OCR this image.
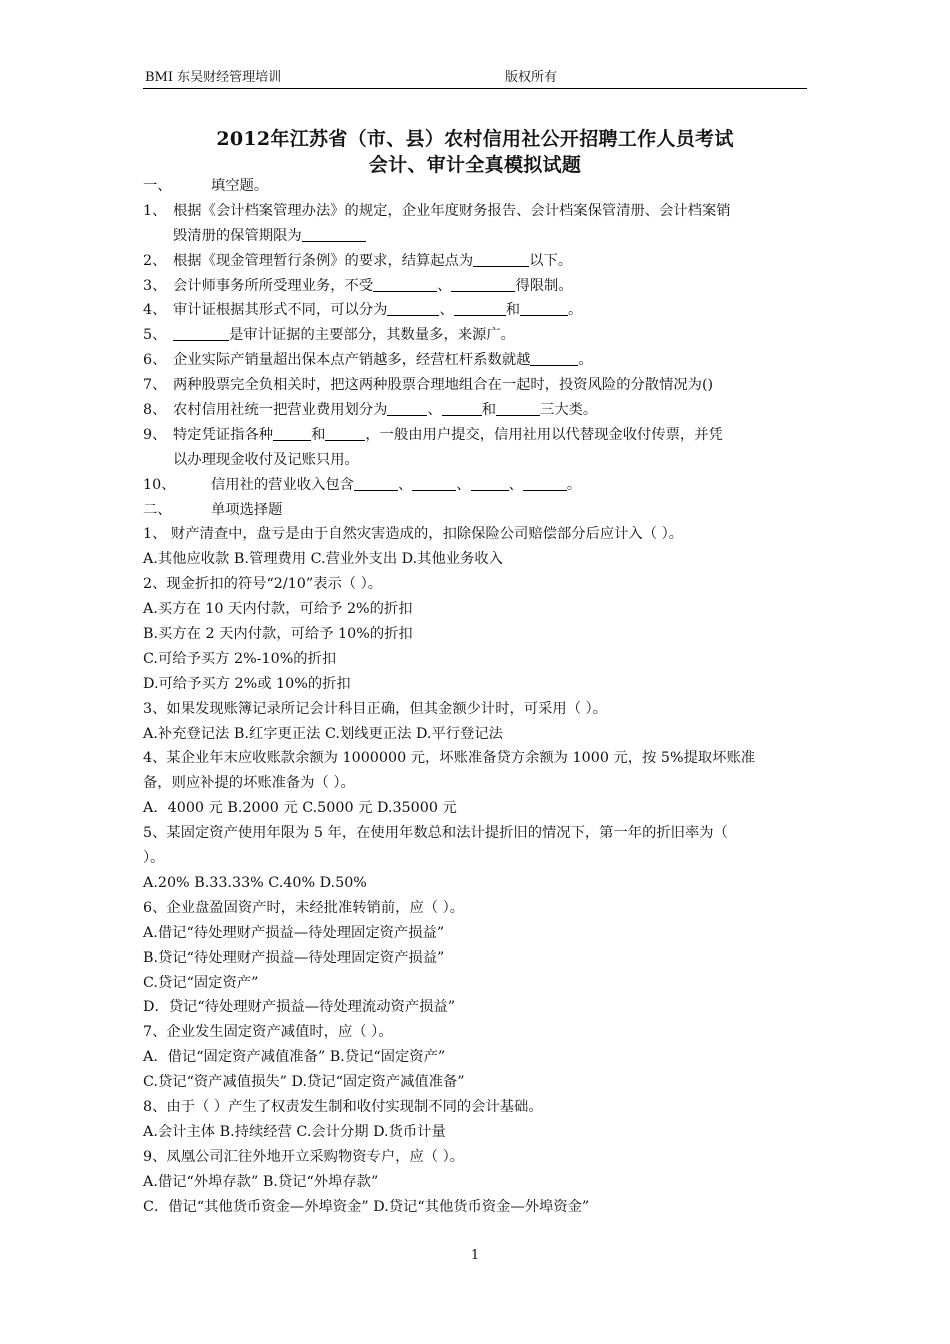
BMI 东吴财经管理培训	版权所有
2012年江苏省（市、县）农村信用社公开招聘工作人员考试
会计、审计全真模拟试题
一、	填空题。
1、 根据《会计档案管理办法》的规定，企业年度财务报告、会计档案保管清册、会计档案销
毁清册的保管期限为
2、 根据《现金管理暂行条例》的要求，结算起点为	以下。
3、 会计师事务所所受理业务，不受	、	得限制。
4、 审计证根据其形式不同，可以分为	、	和	。
5、	是审计证据的主要部分，其数量多，来源广。
6、 企业实际产销量超出保本点产销越多，经营杠杆系数就越	。
7、 两种股票完全负相关时，把这两种股票合理地组合在一起时，投资风险的分散情况为()
8、 农村信用社统一把营业费用划分为	、	和	三大类。
9、 特定凭证指各种	和	，一般由用户提交，信用社用以代替现金收付传票，并凭
以办理现金收付及记账只用。
10、 信用社的营业收入包含	、	、	、	。
二、	单项选择题
1、 财产清查中，盘亏是由于自然灾害造成的，扣除保险公司赔偿部分后应计入（ ）。
A.其他应收款 B.管理费用 C.营业外支出 D.其他业务收入
2、现金折扣的符号“2/10”表示（ ）。
A.买方在 10 天内付款，可给予 2%的折扣
B.买方在 2 天内付款，可给予 10%的折扣
C.可给予买方 2%-10%的折扣
D.可给予买方 2%或 10%的折扣
3、如果发现账簿记录所记会计科目正确，但其金额少计时，可采用（ ）。
A.补充登记法 B.红字更正法 C.划线更正法 D.平行登记法
4、某企业年末应收账款余额为 1000000 元，坏账准备贷方余额为 1000 元，按 5%提取坏账准
备，则应补提的坏账准备为（ ）。
A．4000 元 B.2000 元 C.5000 元 D.35000 元
5、某固定资产使用年限为 5 年，在使用年数总和法计提折旧的情况下，第一年的折旧率为（
）。
A.20% B.33.33% C.40% D.50%
6、企业盘盈固资产时，未经批准转销前，应（ ）。
A.借记“待处理财产损益—待处理固定资产损益”
B.贷记“待处理财产损益—待处理固定资产损益”
C.贷记“固定资产”
D．贷记“待处理财产损益—待处理流动资产损益”
7、企业发生固定资产减值时，应（ ）。
A．借记“固定资产减值准备” B.贷记“固定资产”
C.贷记“资产减值损失” D.贷记“固定资产减值准备”
8、由于（ ）产生了权责发生制和收付实现制不同的会计基础。
A.会计主体 B.持续经营 C.会计分期 D.货币计量
9、凤凰公司汇往外地开立采购物资专户，应（ ）。
A.借记“外埠存款” B.贷记“外埠存款”
C．借记“其他货币资金—外埠资金” D.贷记“其他货币资金—外埠资金”
1
